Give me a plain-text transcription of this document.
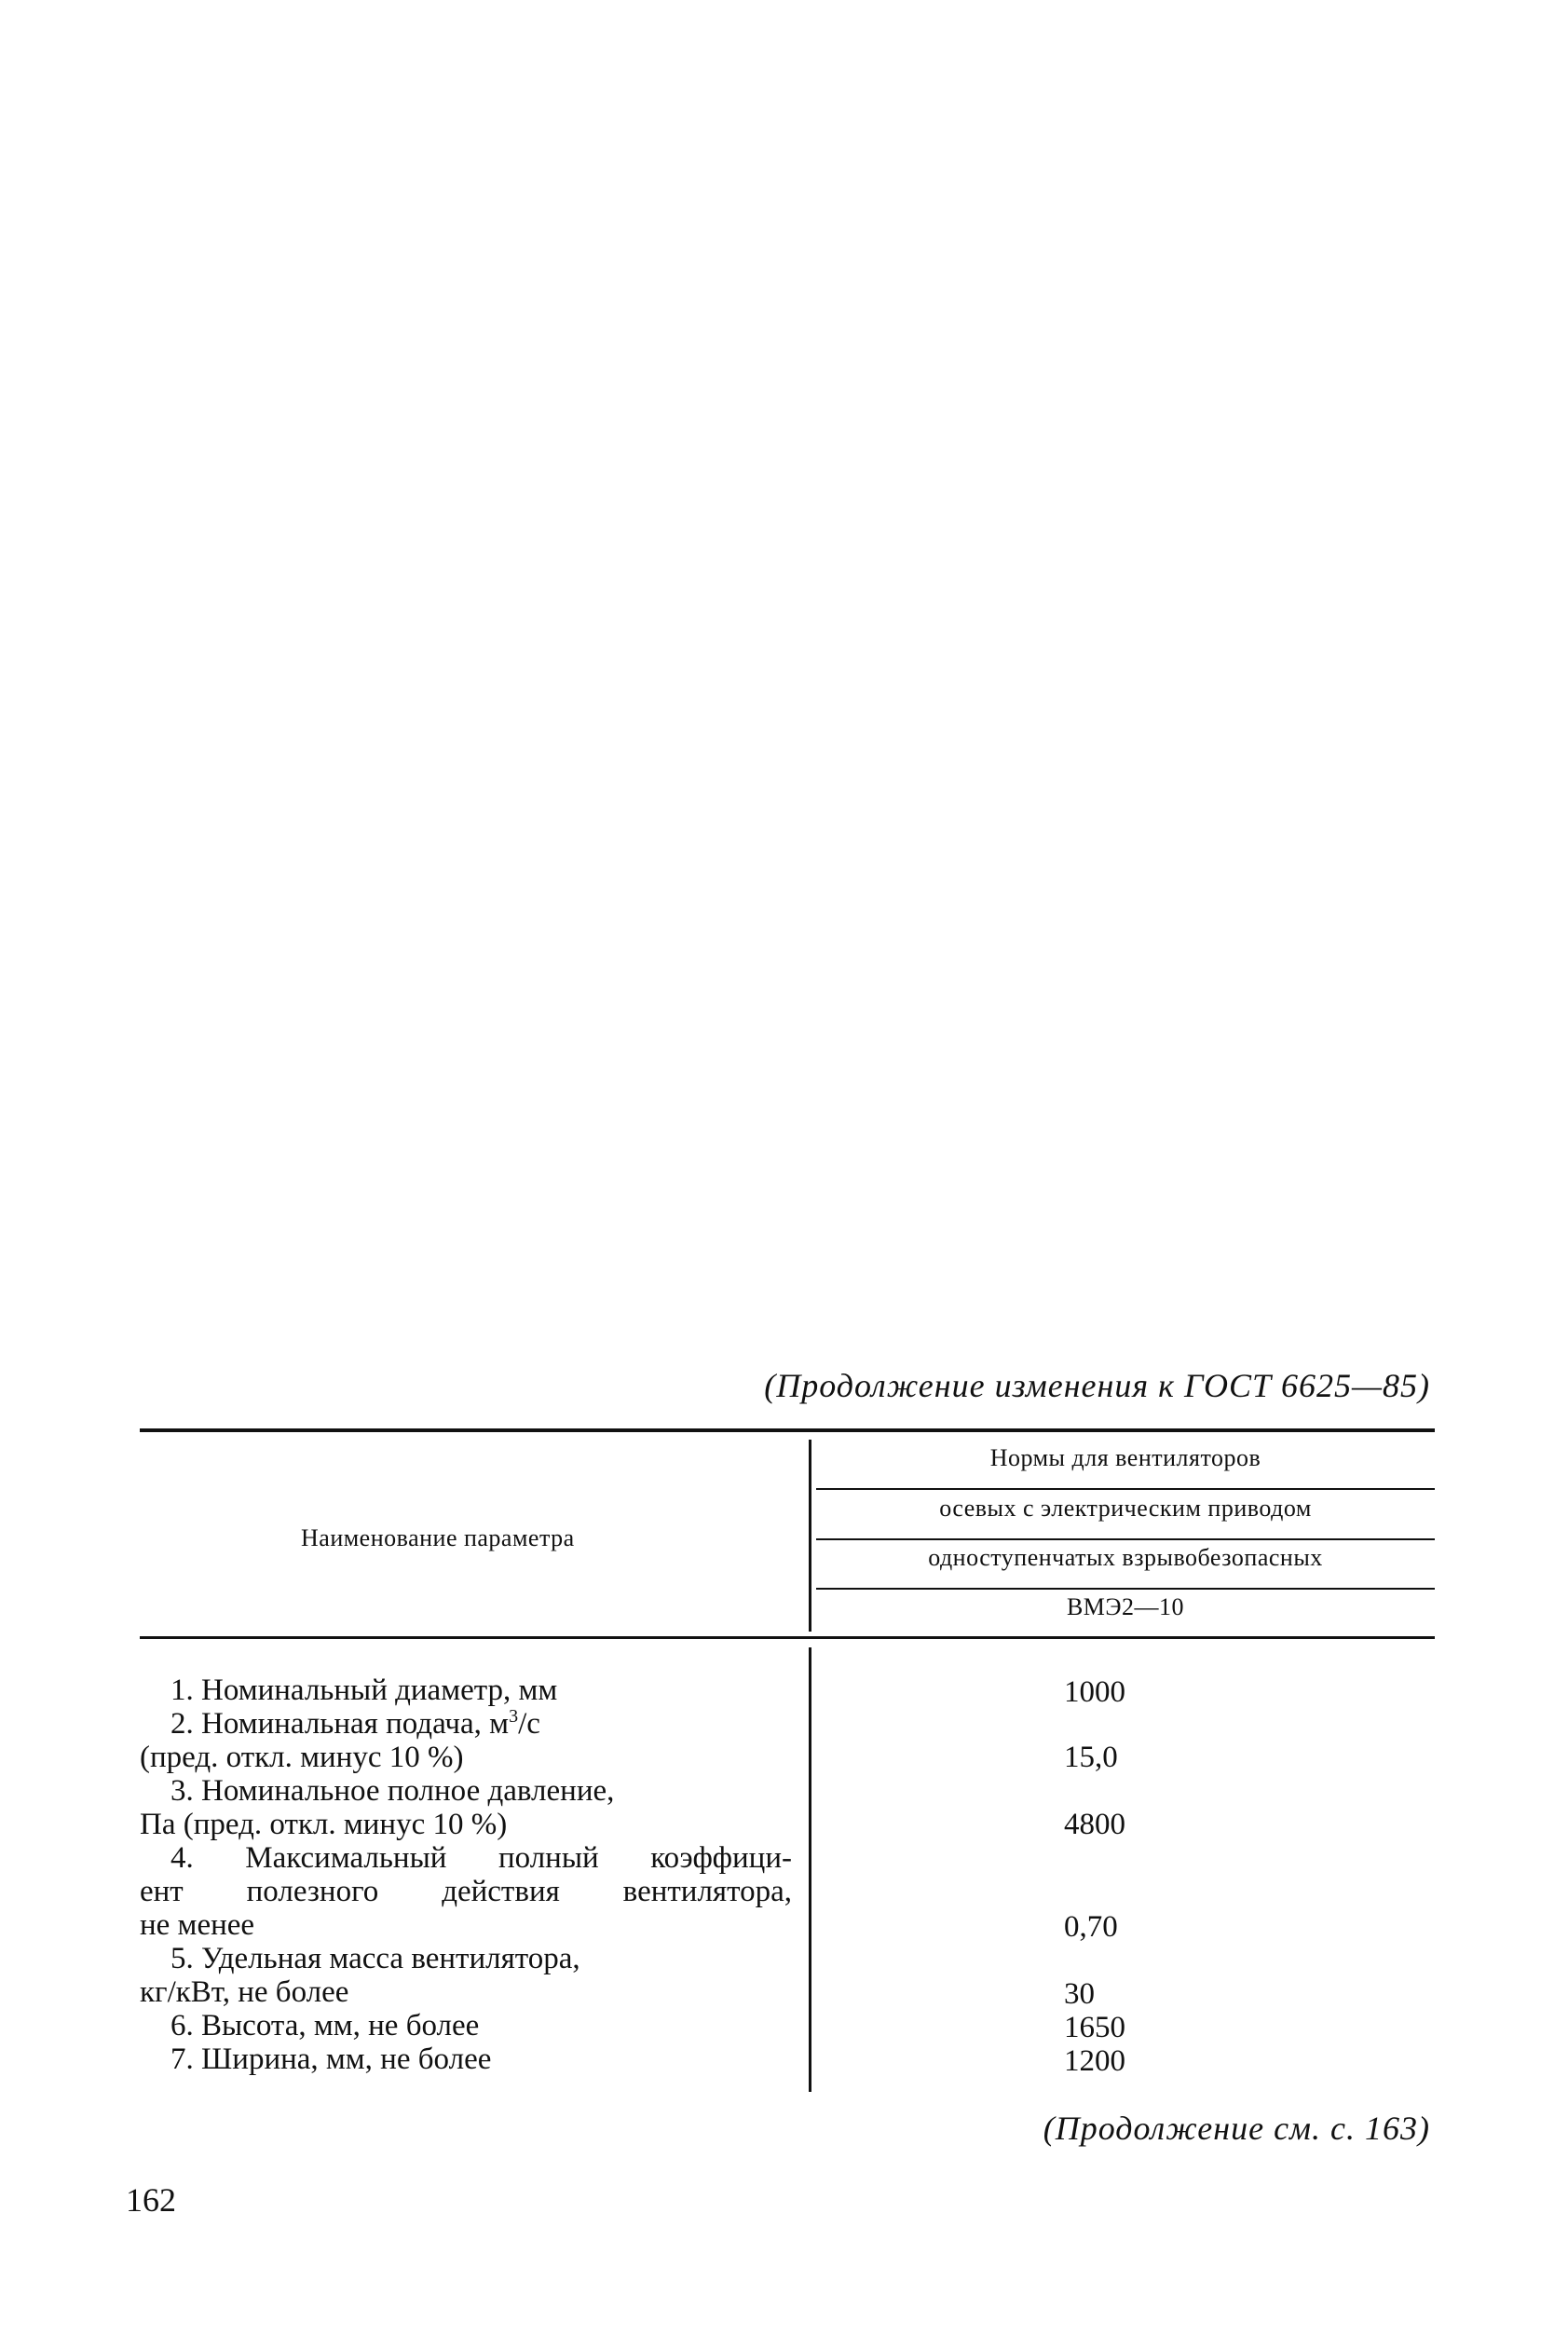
(Продолжение изменения к ГОСТ 6625—85)
Наименование параметра
Нормы для вентиляторов
осевых с электрическим приводом
одноступенчатых взрывобезопасных
ВМЭ2—10
1. Номинальный диаметр, мм	1000
2. Номинальная подача, $м^3/с$
(пред. откл. минус 10 %)	15,0
3. Номинальное полное давление,
Па (пред. откл. минус 10 %)	4800
4. Максимальный полный коэффици-
ент полезного действия вентилятора,
не менее	0,70
5. Удельная масса вентилятора,
кг/кВт, не более	30
6. Высота, мм, не более	1650
7. Ширина, мм, не более	1200
(Продолжение см. с. 163)
162
